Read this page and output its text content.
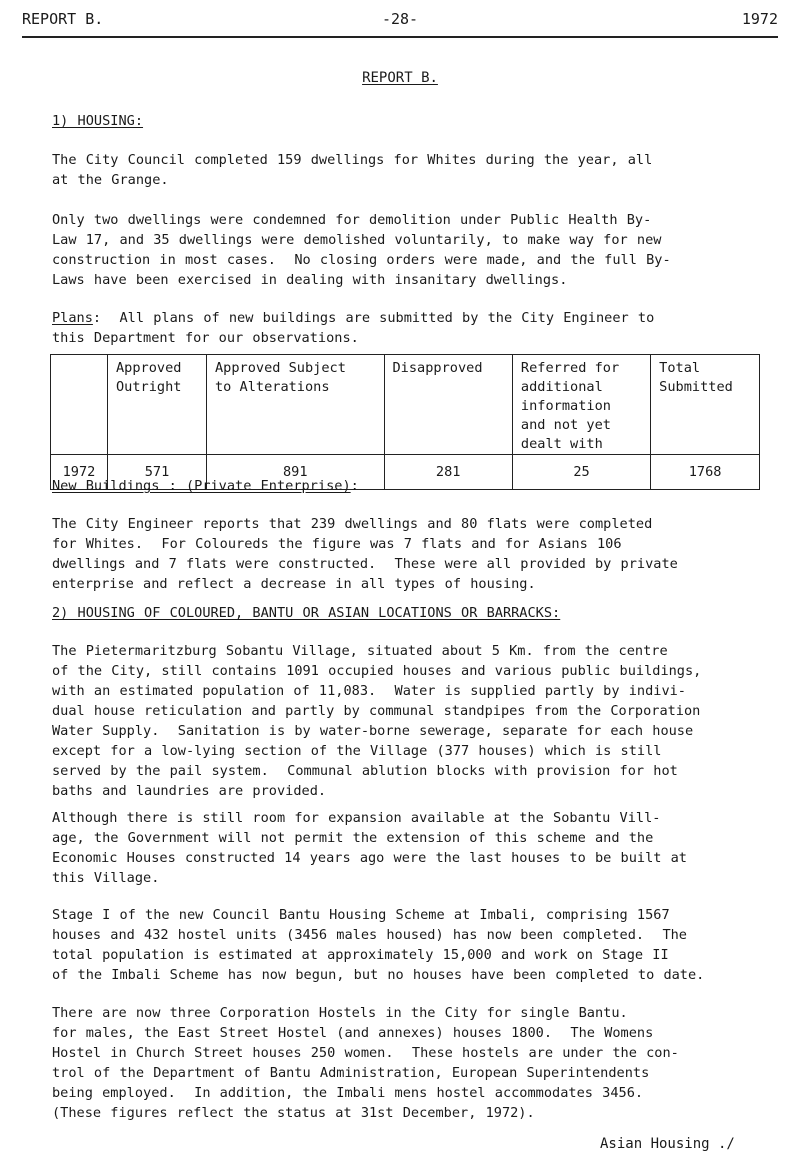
REPORT B.	-28-	1972
REPORT B.
1) HOUSING:
The City Council completed 159 dwellings for Whites during the year, all
at the Grange.
Only two dwellings were condemned for demolition under Public Health By-
Law 17, and 35 dwellings were demolished voluntarily, to make way for new
construction in most cases.  No closing orders were made, and the full By-
Laws have been exercised in dealing with insanitary dwellings.
Plans:  All plans of new buildings are submitted by the City Engineer to
this Department for our observations.
	Approved
Outright	Approved Subject
to Alterations	Disapproved	Referred for
additional
information
and not yet
dealt with	Total
Submitted
1972	571	891	281	25	1768
New Buildings : (Private Enterprise):
The City Engineer reports that 239 dwellings and 80 flats were completed
for Whites.  For Coloureds the figure was 7 flats and for Asians 106
dwellings and 7 flats were constructed.  These were all provided by private
enterprise and reflect a decrease in all types of housing.
2) HOUSING OF COLOURED, BANTU OR ASIAN LOCATIONS OR BARRACKS:
The Pietermaritzburg Sobantu Village, situated about 5 Km. from the centre
of the City, still contains 1091 occupied houses and various public buildings,
with an estimated population of 11,083.  Water is supplied partly by indivi-
dual house reticulation and partly by communal standpipes from the Corporation
Water Supply.  Sanitation is by water-borne sewerage, separate for each house
except for a low-lying section of the Village (377 houses) which is still
served by the pail system.  Communal ablution blocks with provision for hot
baths and laundries are provided.
Although there is still room for expansion available at the Sobantu Vill-
age, the Government will not permit the extension of this scheme and the
Economic Houses constructed 14 years ago were the last houses to be built at
this Village.
Stage I of the new Council Bantu Housing Scheme at Imbali, comprising 1567
houses and 432 hostel units (3456 males housed) has now been completed.  The
total population is estimated at approximately 15,000 and work on Stage II
of the Imbali Scheme has now begun, but no houses have been completed to date.
There are now three Corporation Hostels in the City for single Bantu.
for males, the East Street Hostel (and annexes) houses 1800.  The Womens
Hostel in Church Street houses 250 women.  These hostels are under the con-
trol of the Department of Bantu Administration, European Superintendents
being employed.  In addition, the Imbali mens hostel accommodates 3456.
(These figures reflect the status at 31st December, 1972).
Asian Housing ./
